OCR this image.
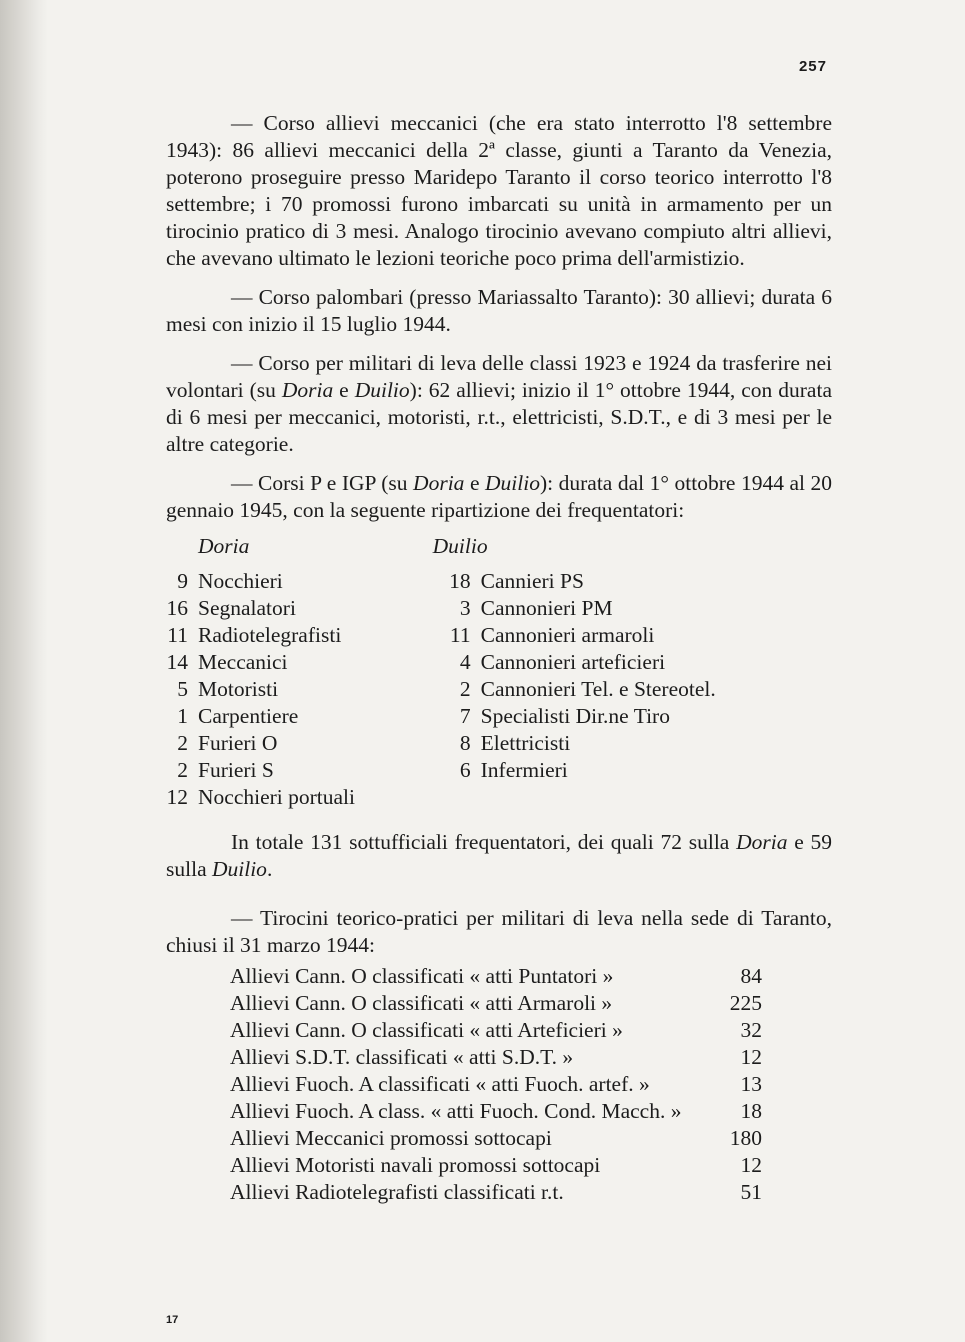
257

— Corso allievi meccanici (che era stato interrotto l'8 settembre 1943): 86 allievi meccanici della 2ª classe, giunti a Taranto da Venezia, poterono proseguire presso Maridepo Taranto il corso teorico interrotto l'8 settembre; i 70 promossi furono imbarcati su unità in armamento per un tirocinio pratico di 3 mesi. Analogo tirocinio avevano compiuto altri allievi, che avevano ultimato le lezioni teoriche poco prima dell'armistizio.

— Corso palombari (presso Mariassalto Taranto): 30 allievi; durata 6 mesi con inizio il 15 luglio 1944.

— Corso per militari di leva delle classi 1923 e 1924 da trasferire nei volontari (su Doria e Duilio): 62 allievi; inizio il 1° ottobre 1944, con durata di 6 mesi per meccanici, motoristi, r.t., elettricisti, S.D.T., e di 3 mesi per le altre categorie.

— Corsi P e IGP (su Doria e Duilio): durata dal 1° ottobre 1944 al 20 gennaio 1945, con la seguente ripartizione dei frequentatori:

Doria		Duilio	
9	Nocchieri	18	Cannieri PS
16	Segnalatori	3	Cannonieri PM
11	Radiotelegrafisti	11	Cannonieri armaroli
14	Meccanici	4	Cannonieri arteficieri
5	Motoristi	2	Cannonieri Tel. e Stereotel.
1	Carpentiere	7	Specialisti Dir.ne Tiro
2	Furieri O	8	Elettricisti
2	Furieri S	6	Infermieri
12	Nocchieri portuali		

In totale 131 sottufficiali frequentatori, dei quali 72 sulla Doria e 59 sulla Duilio.

— Tirocini teorico-pratici per militari di leva nella sede di Taranto, chiusi il 31 marzo 1944:

Allievi Cann. O classificati « atti Puntatori »	84
Allievi Cann. O classificati « atti Armaroli »	225
Allievi Cann. O classificati « atti Arteficieri »	32
Allievi S.D.T. classificati « atti S.D.T. »	12
Allievi Fuoch. A classificati « atti Fuoch. artef. »	13
Allievi Fuoch. A class. « atti Fuoch. Cond. Macch. »	18
Allievi Meccanici promossi sottocapi	180
Allievi Motoristi navali promossi sottocapi	12
Allievi Radiotelegrafisti classificati r.t.	51
17
